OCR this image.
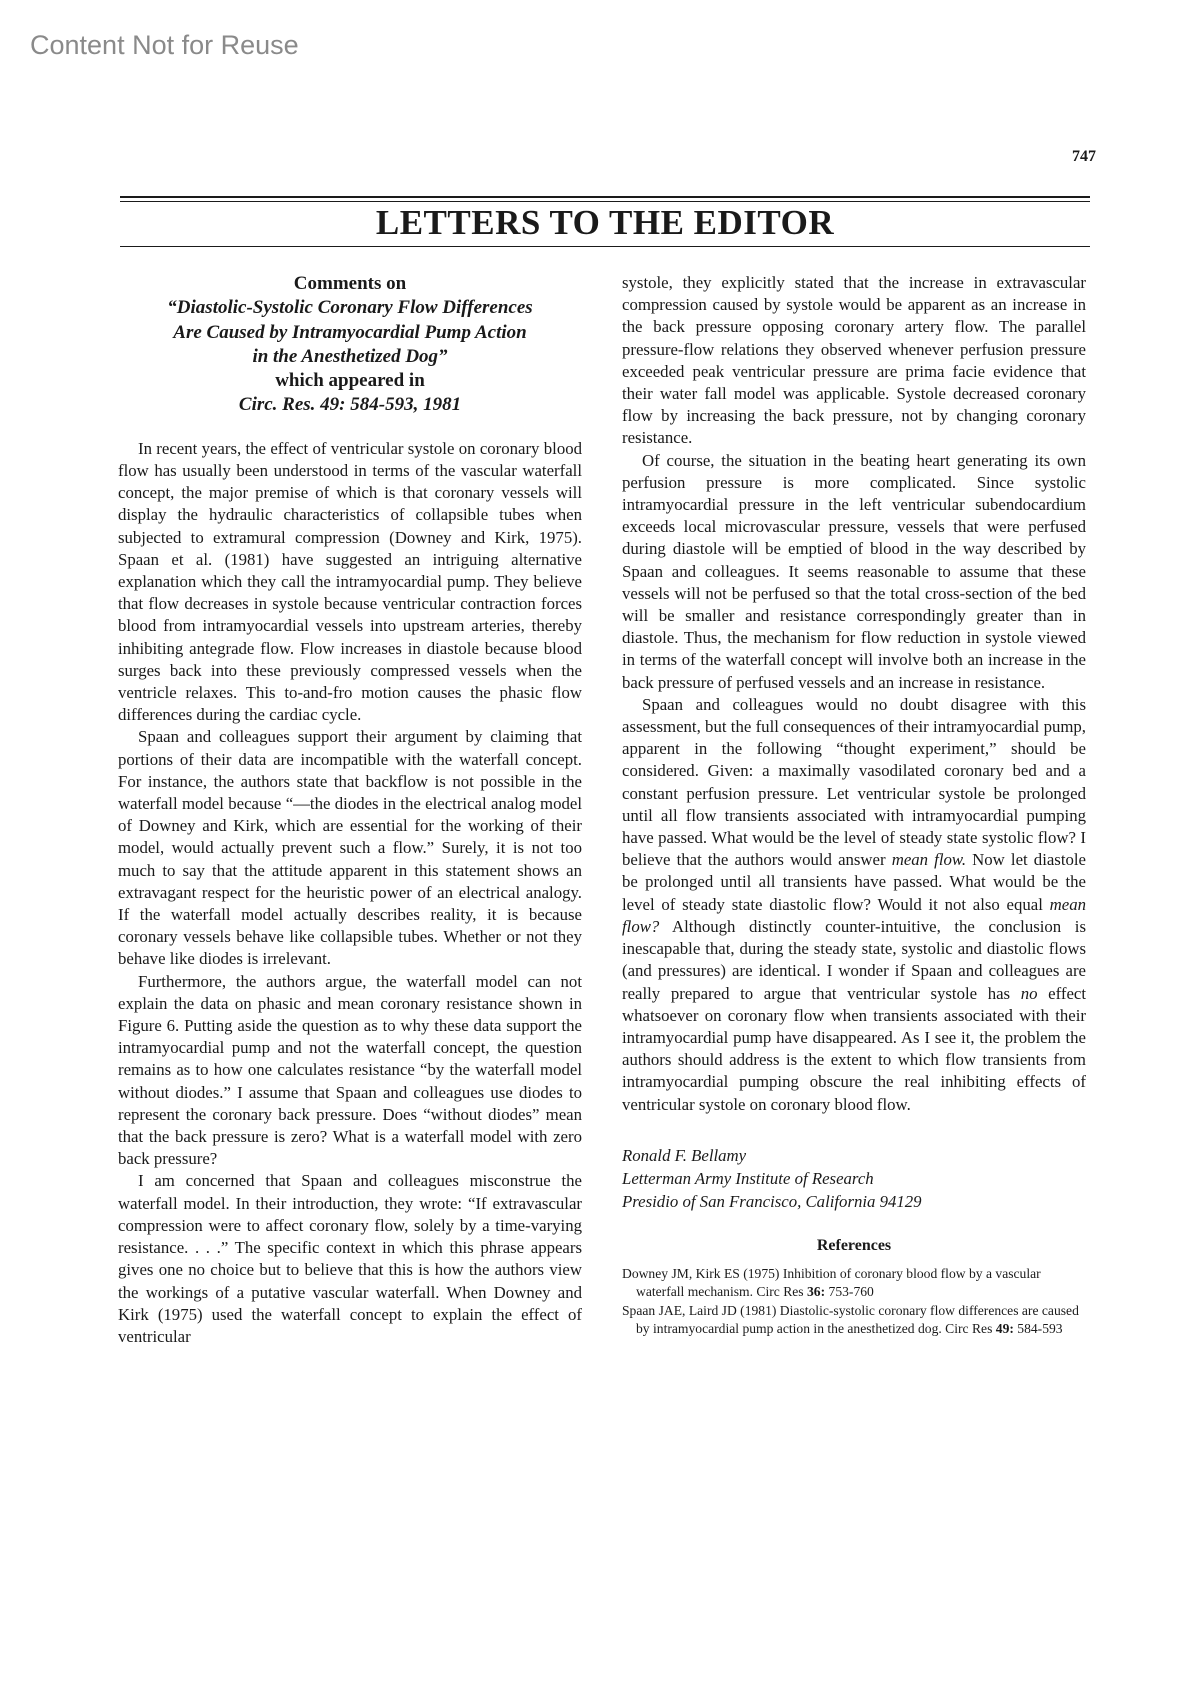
Content Not for Reuse
747
LETTERS TO THE EDITOR
Comments on
“Diastolic-Systolic Coronary Flow Differences
Are Caused by Intramyocardial Pump Action
in the Anesthetized Dog”
which appeared in
Circ. Res. 49: 584-593, 1981

In recent years, the effect of ventricular systole on coronary blood flow has usually been understood in terms of the vascular waterfall concept, the major premise of which is that coronary vessels will display the hydraulic characteristics of collapsible tubes when subjected to extramural compression (Downey and Kirk, 1975). Spaan et al. (1981) have suggested an intriguing alternative explanation which they call the intramyocardial pump. They believe that flow decreases in systole because ventricular contraction forces blood from intramyocardial vessels into upstream arteries, thereby inhibiting antegrade flow. Flow increases in diastole because blood surges back into these previously compressed vessels when the ventricle relaxes. This to-and-fro motion causes the phasic flow differences during the cardiac cycle.

Spaan and colleagues support their argument by claiming that portions of their data are incompatible with the waterfall concept. For instance, the authors state that backflow is not possible in the waterfall model because “—the diodes in the electrical analog model of Downey and Kirk, which are essential for the working of their model, would actually prevent such a flow.” Surely, it is not too much to say that the attitude apparent in this statement shows an extravagant respect for the heuristic power of an electrical analogy. If the waterfall model actually describes reality, it is because coronary vessels behave like collapsible tubes. Whether or not they behave like diodes is irrelevant.

Furthermore, the authors argue, the waterfall model can not explain the data on phasic and mean coronary resistance shown in Figure 6. Putting aside the question as to why these data support the intramyocardial pump and not the waterfall concept, the question remains as to how one calculates resistance “by the waterfall model without diodes.” I assume that Spaan and colleagues use diodes to represent the coronary back pressure. Does “without diodes” mean that the back pressure is zero? What is a waterfall model with zero back pressure?

I am concerned that Spaan and colleagues misconstrue the waterfall model. In their introduction, they wrote: “If extravascular compression were to affect coronary flow, solely by a time-varying resistance. . . .” The specific context in which this phrase appears gives one no choice but to believe that this is how the authors view the workings of a putative vascular waterfall. When Downey and Kirk (1975) used the waterfall concept to explain the effect of ventricular

systole, they explicitly stated that the increase in extravascular compression caused by systole would be apparent as an increase in the back pressure opposing coronary artery flow. The parallel pressure-flow relations they observed whenever perfusion pressure exceeded peak ventricular pressure are prima facie evidence that their water fall model was applicable. Systole decreased coronary flow by increasing the back pressure, not by changing coronary resistance.

Of course, the situation in the beating heart generating its own perfusion pressure is more complicated. Since systolic intramyocardial pressure in the left ventricular subendocardium exceeds local microvascular pressure, vessels that were perfused during diastole will be emptied of blood in the way described by Spaan and colleagues. It seems reasonable to assume that these vessels will not be perfused so that the total cross-section of the bed will be smaller and resistance correspondingly greater than in diastole. Thus, the mechanism for flow reduction in systole viewed in terms of the waterfall concept will involve both an increase in the back pressure of perfused vessels and an increase in resistance.

Spaan and colleagues would no doubt disagree with this assessment, but the full consequences of their intramyocardial pump, apparent in the following “thought experiment,” should be considered. Given: a maximally vasodilated coronary bed and a constant perfusion pressure. Let ventricular systole be prolonged until all flow transients associated with intramyocardial pumping have passed. What would be the level of steady state systolic flow? I believe that the authors would answer mean flow. Now let diastole be prolonged until all transients have passed. What would be the level of steady state diastolic flow? Would it not also equal mean flow? Although distinctly counter-intuitive, the conclusion is inescapable that, during the steady state, systolic and diastolic flows (and pressures) are identical. I wonder if Spaan and colleagues are really prepared to argue that ventricular systole has no effect whatsoever on coronary flow when transients associated with their intramyocardial pump have disappeared. As I see it, the problem the authors should address is the extent to which flow transients from intramyocardial pumping obscure the real inhibiting effects of ventricular systole on coronary blood flow.

Ronald F. Bellamy
Letterman Army Institute of Research
Presidio of San Francisco, California 94129
References
Downey JM, Kirk ES (1975) Inhibition of coronary blood flow by a vascular waterfall mechanism. Circ Res 36: 753-760
Spaan JAE, Laird JD (1981) Diastolic-systolic coronary flow differences are caused by intramyocardial pump action in the anesthetized dog. Circ Res 49: 584-593
